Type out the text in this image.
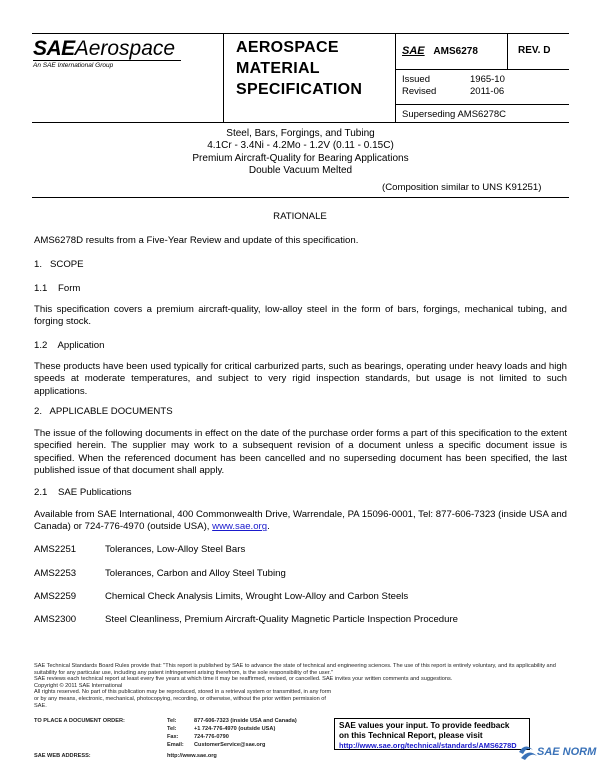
SAEAerospace
An SAE International Group
AEROSPACE
MATERIAL
SPECIFICATION
SAE AMS6278	REV. D
Issued	1965-10
Revised	2011-06
Superseding AMS6278C
Steel, Bars, Forgings, and Tubing
4.1Cr - 3.4Ni - 4.2Mo - 1.2V (0.11 - 0.15C)
Premium Aircraft-Quality for Bearing Applications
Double Vacuum Melted
(Composition similar to UNS K91251)
RATIONALE
AMS6278D results from a Five-Year Review and update of this specification.
1.   SCOPE
1.1    Form
This specification covers a premium aircraft-quality, low-alloy steel in the form of bars, forgings, mechanical tubing, and forging stock.
1.2    Application
These products have been used typically for critical carburized parts, such as bearings, operating under heavy loads and high speeds at moderate temperatures, and subject to very rigid inspection standards, but usage is not limited to such applications.
2.   APPLICABLE DOCUMENTS
The issue of the following documents in effect on the date of the purchase order forms a part of this specification to the extent specified herein. The supplier may work to a subsequent revision of a document unless a specific document issue is specified. When the referenced document has been cancelled and no superseding document has been specified, the last published issue of that document shall apply.
2.1    SAE Publications
Available from SAE International, 400 Commonwealth Drive, Warrendale, PA 15096-0001, Tel: 877-606-7323 (inside USA and Canada) or 724-776-4970 (outside USA), www.sae.org.
AMS2251	Tolerances, Low-Alloy Steel Bars
AMS2253	Tolerances, Carbon and Alloy Steel Tubing
AMS2259	Chemical Check Analysis Limits, Wrought Low-Alloy and Carbon Steels
AMS2300	Steel Cleanliness, Premium Aircraft-Quality Magnetic Particle Inspection Procedure
SAE Technical Standards Board Rules provide that: "This report is published by SAE to advance the state of technical and engineering sciences. The use of this report is entirely voluntary, and its applicability and suitability for any particular use, including any patent infringement arising therefrom, is the sole responsibility of the user."
SAE reviews each technical report at least every five years at which time it may be reaffirmed, revised, or cancelled. SAE invites your written comments and suggestions.
Copyright © 2011 SAE International
All rights reserved. No part of this publication may be reproduced, stored in a retrieval system or transmitted, in any form or by any means, electronic, mechanical, photocopying, recording, or otherwise, without the prior written permission of SAE.
TO PLACE A DOCUMENT ORDER:	Tel:	877-606-7323 (inside USA and Canada)
Tel:	+1 724-776-4970 (outside USA)
Fax:	724-776-0790
Email: CustomerService@sae.org
SAE WEB ADDRESS:	http://www.sae.org
SAE values your input. To provide feedback
on this Technical Report, please visit
http://www.sae.org/technical/standards/AMS6278D
SAE NORM
